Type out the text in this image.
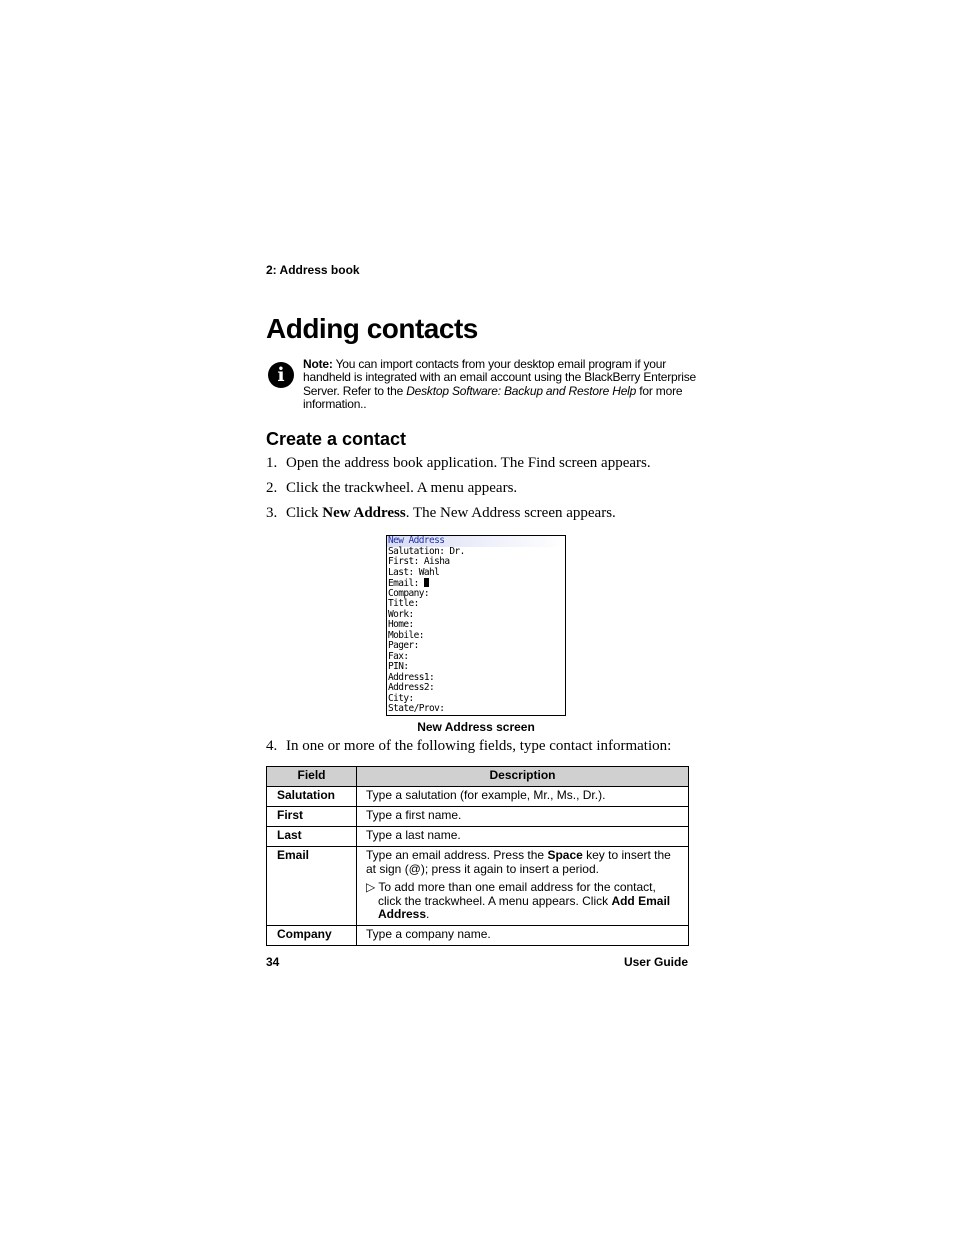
2: Address book
Adding contacts
i	Note: You can import contacts from your desktop email program if your handheld is integrated with an email account using the BlackBerry Enterprise Server. Refer to the Desktop Software: Backup and Restore Help for more information..
Create a contact
1. Open the address book application. The Find screen appears.
2. Click the trackwheel. A menu appears.
3. Click New Address. The New Address screen appears.
New Address
Salutation: Dr.
First: Aisha
Last: Wahl
Email:
Company:
Title:
Work:
Home:
Mobile:
Pager:
Fax:
PIN:
Address1:
Address2:
City:
State/Prov:
New Address screen
4. In one or more of the following fields, type contact information:
Field	Description
Salutation	Type a salutation (for example, Mr., Ms., Dr.).
First	Type a first name.
Last	Type a last name.
Email	Type an email address. Press the Space key to insert the at sign (@); press it again to insert a period.
▷ To add more than one email address for the contact, click the trackwheel. A menu appears. Click Add Email Address.

Company	Type a company name.
34	User Guide
